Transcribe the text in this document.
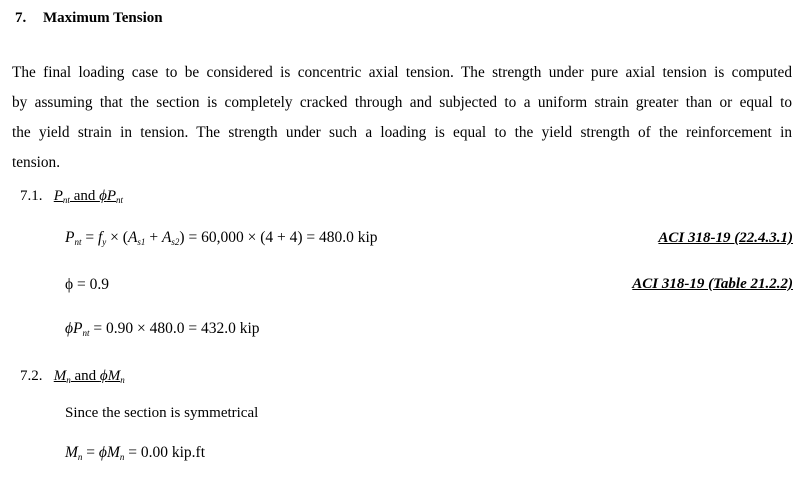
7. Maximum Tension
The final loading case to be considered is concentric axial tension. The strength under pure axial tension is computed
by assuming that the section is completely cracked through and subjected to a uniform strain greater than or equal to
the yield strain in tension. The strength under such a loading is equal to the yield strength of the reinforcement in
tension.
7.1. $P_{nt}$ and $\phi P_{nt}$
$P_{nt} = f_y \times (A_{s1} + A_{s2}) = 60,000 \times (4 + 4) = 480.0$ kip	ACI 318-19 (22.4.3.1)
ϕ = 0.9	ACI 318-19 (Table 21.2.2)
$\phi P_{nt} = 0.90 \times 480.0 = 432.0$ kip
7.2. $M_n$ and $\phi M_n$
Since the section is symmetrical
$M_n = \phi M_n = 0.00$ kip.ft
